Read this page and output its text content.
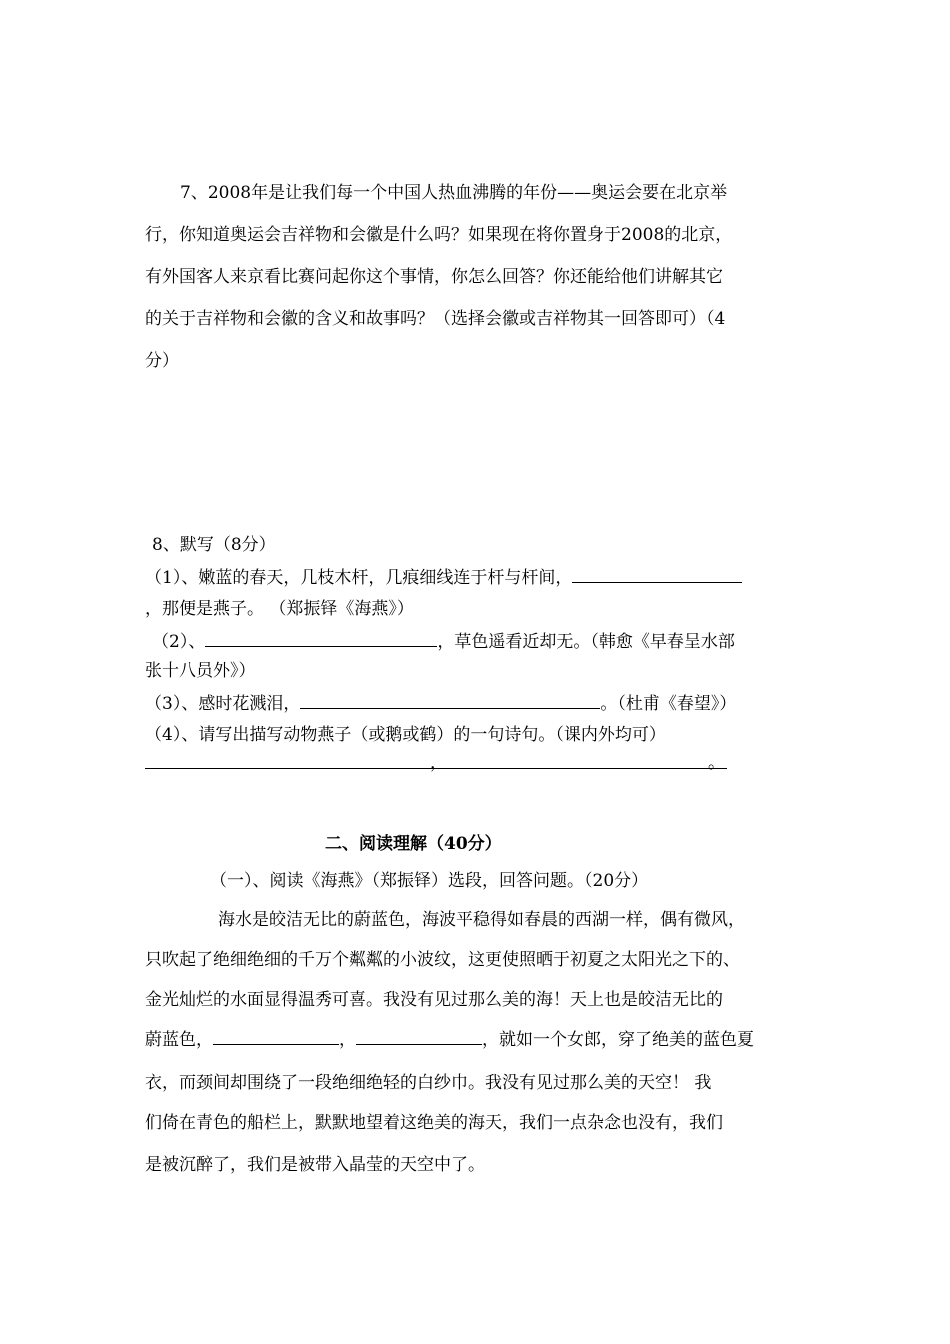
7、2008年是让我们每一个中国人热血沸腾的年份——奥运会要在北京举
行，你知道奥运会吉祥物和会徽是什么吗？如果现在将你置身于2008的北京，
有外国客人来京看比赛问起你这个事情，你怎么回答？你还能给他们讲解其它
的关于吉祥物和会徽的含义和故事吗？（选择会徽或吉祥物其一回答即可）（4
分）
8、默写（8分）
（1）、嫩蓝的春天，几枝木杆，几痕细线连于杆与杆间，
，那便是燕子。 （郑振铎《海燕》）
（2）、	，草色遥看近却无。（韩愈《早春呈水部
张十八员外》）
（3）、感时花溅泪，	。（杜甫《春望》）
（4）、请写出描写动物燕子（或鹅或鹤）的一句诗句。（课内外均可）
，	。
二、阅读理解（40分）
（一）、阅读《海燕》（郑振铎）选段，回答问题。（20分）
海水是皎洁无比的蔚蓝色，海波平稳得如春晨的西湖一样，偶有微风，
只吹起了绝细绝细的千万个粼粼的小波纹，这更使照晒于初夏之太阳光之下的、
金光灿烂的水面显得温秀可喜。我没有见过那么美的海！天上也是皎洁无比的
蔚蓝色，	，	，就如一个女郎，穿了绝美的蓝色夏
衣，而颈间却围绕了一段绝细绝轻的白纱巾。我没有见过那么美的天空！ 我
们倚在青色的船栏上，默默地望着这绝美的海天，我们一点杂念也没有，我们
是被沉醉了，我们是被带入晶莹的天空中了。
